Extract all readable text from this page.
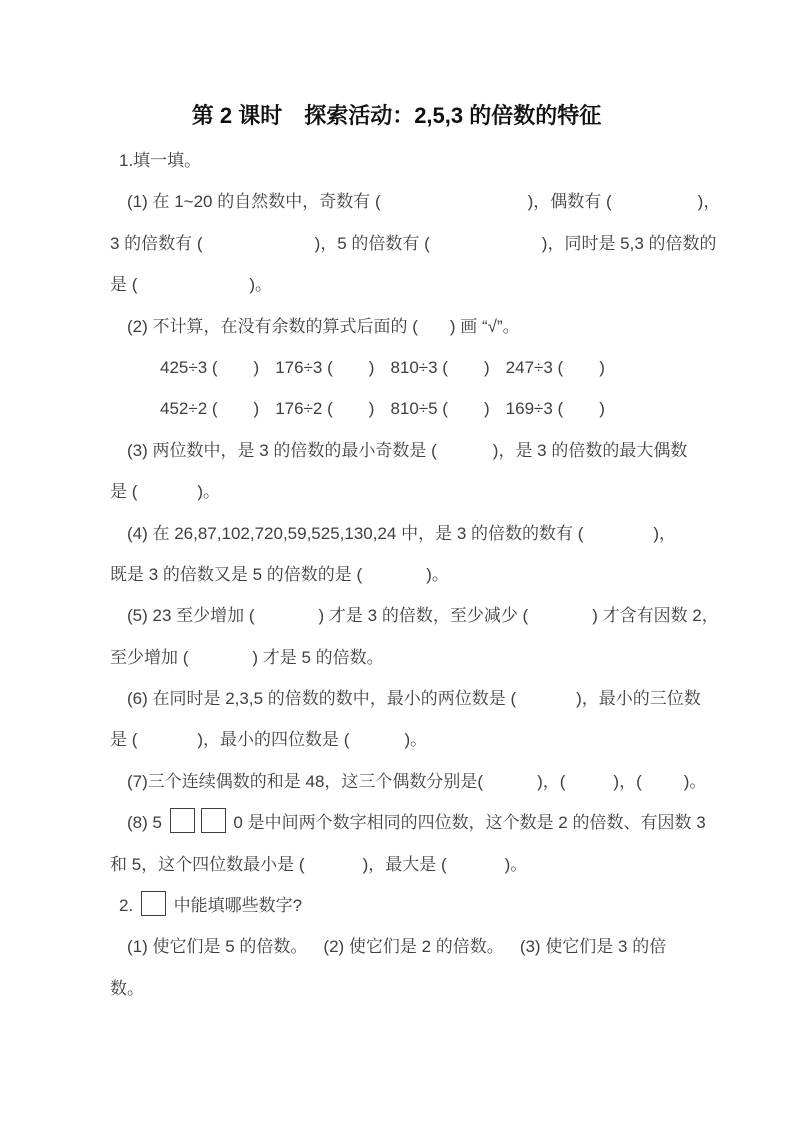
第 2 课时　探索活动：2,5,3 的倍数的特征
1.填一填。
(1) 在 1~20 的自然数中，奇数有 (	)，偶数有 (	)，
3 的倍数有 (	)，5 的倍数有 (	)，同时是 5,3 的倍数的
是 (	)。
(2) 不计算，在没有余数的算式后面的 ( ) 画 “√”。
425÷3 ( ) 176÷3 ( ) 810÷3 ( ) 247÷3 ( )
452÷2 ( ) 176÷2 ( ) 810÷5 ( ) 169÷3 ( )
(3) 两位数中，是 3 的倍数的最小奇数是 (	)，是 3 的倍数的最大偶数
是 (	)。
(4) 在 26,87,102,720,59,525,130,24 中，是 3 的倍数的数有 (	)，
既是 3 的倍数又是 5 的倍数的是 (	)。
(5) 23 至少增加 (	) 才是 3 的倍数，至少减少 (	) 才含有因数 2，
至少增加 (	) 才是 5 的倍数。
(6) 在同时是 2,3,5 的倍数的数中，最小的两位数是 (	)，最小的三位数
是 (	)，最小的四位数是 (	)。
(7)三个连续偶数的和是 48，这三个偶数分别是(	)，(	)，( )。
(8) 5	0 是中间两个数字相同的四位数，这个数是 2 的倍数、有因数 3
和 5，这个四位数最小是 (	)，最大是 (	)。
2.  中能填哪些数字?
(1) 使它们是 5 的倍数。 (2) 使它们是 2 的倍数。 (3) 使它们是 3 的倍
数。
